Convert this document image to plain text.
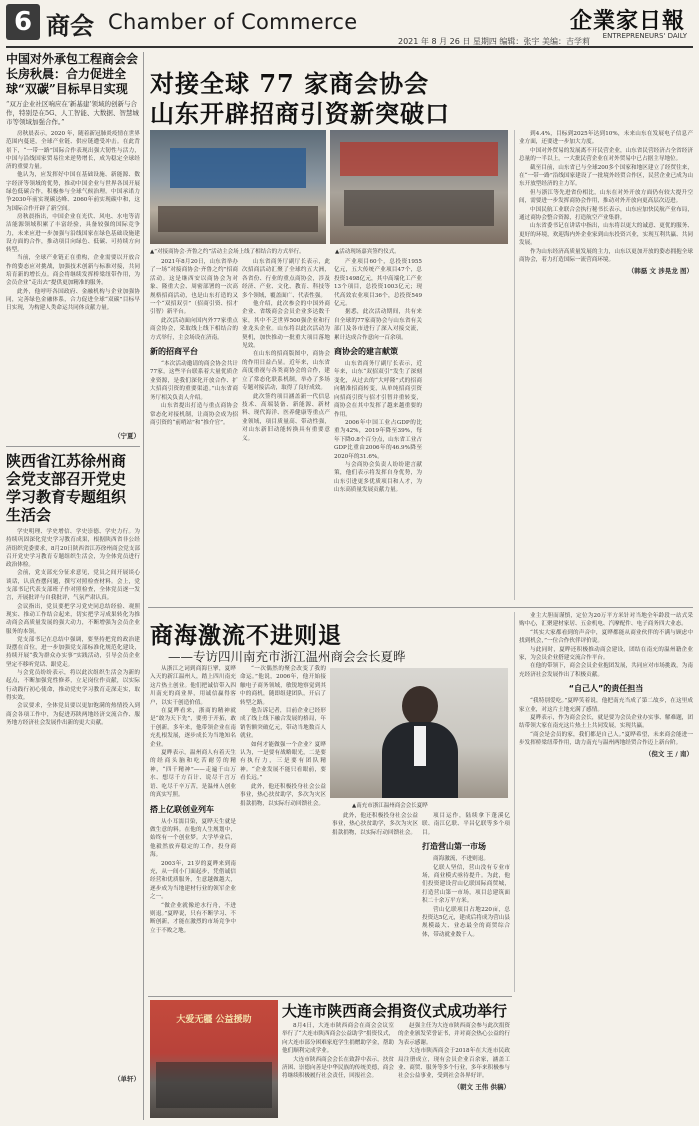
6 商会 Chamber of Commerce	企業家日報
ENTREPRENEURS' DAILY
2021 年 8 月 26 日 星期四 编辑：张宇 美编：吉学莉
中国对外承包工程商会会长房秋晨：合力促进全球“双碳”目标早日实现
“双万企业社区响应在‘新基建’领域的创新与合作，特别是在5G、人工智能、大数据、智慧城市等领域加强合作。”

房秋晨表示，2020 年，随着新冠肺炎疫情在世界范围内蔓延，全球产业链、供应链遭受冲击。在此背景下，“一带一路”国际合作表现出强大韧性与活力，中国与沿线国家贸易往来逆势增长，成为稳定全球经济的重要力量。

他认为，应发挥好中国在基础设施、新能源、数字经济等领域的优势，推动中国企业与世界各国开展绿色低碳合作，积极参与全球气候治理。中国承诺力争2030年前实现碳达峰、2060年前实现碳中和，这为国际合作开辟了新空间。

房秋晨指出，中国企业在光伏、风电、水电等清洁能源领域积累了丰富经验，具备较强的国际竞争力，未来应进一步加强与沿线国家在绿色基础设施建设方面的合作，推动项目向绿色、低碳、可持续方向转型。

当前，全球产业链正在重构，企业需要以开放合作的姿态应对挑战，加强技术创新与标准对接，共同培育新的增长点。商会将继续发挥桥梁纽带作用，为会员企业“走出去”提供更加精准的服务。

此外，他呼吁各国政府、金融机构与企业加强协同，完善绿色金融体系，合力促进全球“双碳”目标早日实现，为构建人类命运共同体贡献力量。

（宁夏）
陕西省江苏徐州商会党支部召开党史学习教育专题组织生活会

学史明理、学史增信、学史崇德、学史力行。为持续巩固深化党史学习教育成果，根据陕西省非公经济组织党委要求，8月20日陕西省江苏徐州商会党支部召开党史学习教育专题组织生活会，为全体党员进行政治体检。

会前，党支部充分征求意见，党员之间开展谈心谈话，认真查摆问题，撰写对照检查材料。会上，党支部书记代表支部班子作对照检查，全体党员逐一发言，开展批评与自我批评，气氛严肃认真。

会议指出，党员要把学习党史同总结经验、观照现实、推动工作结合起来，切实把学习成果转化为推动商会高质量发展的强大动力，不断增强为会员企业服务的本领。

党支部书记在总结中强调，要坚持把党的政治建设摆在首位，进一步加强党支部标准化规范化建设，持续开展“我为群众办实事”实践活动，引导会员企业坚定不移听党话、跟党走。

与会党员纷纷表示，将以此次组织生活会为新的起点，不断加强党性修养，立足岗位作贡献，以实际行动践行初心使命，推动党史学习教育走深走实，取得实效。

会议要求，全体党员要以更加饱满的热情投入到商会各项工作中，为促进苏陕两地经济交流合作、服务地方经济社会发展作出新的更大贡献。

（单轩）
对接全球 77 家商会协会
山东开辟招商引资新突破口
▲“对接商协会·齐鲁之约”活动主会场上线了相结合的方式举行。	▲活动现场嘉宾签约仪式。

2021年8月20日，山东省举办了一场“对接商协会·齐鲁之约”招商活动。这是继西安以商协会为对象、隆重大会、周密部署的一次高规格招商活动，也是山东打造的又一个“双招双引”（招商引资、招才引智）新平台。

此次活动面向国内外77家重点商会协会，采取线上线下相结合的方式举行，主会场设在济南。

新的招商平台

“本次活动邀请的商会协会共计77家，这些平台联系着大量优质企业资源，是我们深化开放合作、扩大招商引资的重要渠道。”山东省商务厅相关负责人介绍。

山东省提出打造与重点商协会常态化对接机制，让商协会成为招商引资的“前哨站”和“推介官”。

山东省商务厅副厅长表示，此次招商活动汇聚了全球约五大洲，各省份、行业的重点商协会，涉及经济、产业、文化、教育、科技等多个领域，覆盖面广、代表性强。

他介绍，此次参会的中国外商企业、省级商会会员企业多达数千家，其中不乏世界500强企业和行业龙头企业。山东将以此次活动为契机，加快推动一批重大项目落地见效。

在山东的招商版图中，商协会的作用日益凸显。近年来，山东省高度重视与各类商协会的合作，建立了常态化联系机制，举办了多场专题对接活动，取得了良好成效。

此次签约项目涵盖新一代信息技术、高端装备、新能源、新材料、现代海洋、医养健康等重点产业领域，项目质量高、带动性强，对山东新旧动能转换具有重要意义。

产业项目60个，总投资1955亿元，五大传统产业项目47个，总投资1498亿元，其中高端化工产业13个项目，总投资1003亿元；现代高效农业项目36个，总投资549亿元。

据悉，此次活动期间，共有来自全球的77家商协会与山东省有关部门及各市进行了深入对接交流，累计达成合作意向一百余项。

商协会的建言献策

山东省商务厅副厅长表示，近年来，山东“双招双引”发生了深刻变化，从过去的“大呼隆”式的招商向精准招商转变，从单纯招商引资向招商引资与招才引智并重转变，商协会在其中发挥了越来越重要的作用。

2006年中国工业占GDP的比重为42%，2019年降至39%，每年下降0.8个百分点，山东省工业占GDP比重由2006年的46.9%降至2020年的31.6%。

与会商协会负责人纷纷建言献策，他们表示将发挥自身优势，为山东引进更多优质项目和人才，为山东高质量发展贡献力量。

到4.4%，目标到2025年达到10%，未来山东在发展电子信息产业方面，还要进一步加大力度。

中国对外贸易的发展离不开民营企业，山东省民营经济占全省经济总量的一半以上，一大批民营企业在对外贸易中已占据主导地位。

截至目前，山东省已与全球200多个国家和地区建立了经贸往来，在“一带一路”沿线国家建设了一批境外经贸合作区，民营企业已成为山东开放型经济的主力军。

但与浙江等先进省份相比，山东在对外开放方面仍有较大提升空间，需要进一步发挥商协会作用，推动对外开放向更高层次迈进。

中国民航工业联合会执行秘书长表示，山东应加快民航产业布局，通过商协会整合资源，打造航空产业集群。

山东省委书记在讲话中指出，山东将以更大的诚意、更优的服务、更好的环境，欢迎海内外企业家到山东投资兴业，实现互利共赢、共同发展。

作为山东经济高质量发展的主力，山东以更加开放的姿态拥抱全球商协会，着力打造国际一流营商环境。

（韩磊 文 涉晃龙 图）
商海激流不进则退
——专访四川南充市浙江温州商会会长夏晔
▲南充市浙江温州商会会长夏晔

从浙江之词到商海巨擘，夏晔入天的新江温州人，踏上四川南充这片热土创业。他们把诚信带入四川南充的商业界，用诚信赢得客户，以实干创造价值。

在夏晔看来，浙商的精神就是“敢为天下先”，要勇于开拓，敢于创新。多年来，他带领企业在南充扎根发展，逐步成长为当地知名企业。

夏晔表示，温州商人有着天生的经商头脑和吃苦耐劳的精神，“四千精神”——走遍千山万水、想尽千方百计、说尽千言万语、吃尽千辛万苦，是温州人创业的真实写照。

搭上亿联创业列车

从小耳濡目染，夏晔天生就是做生意的料。在他的人生规划中，始终有一个创业梦。大学毕业后，他毅然放弃稳定的工作，投身商海。

2003年，21岁的夏晔来到南充，从一间小门面起步，凭借诚信经营和优质服务，生意越做越大，逐步成为当地建材行业的领军企业之一。

“做企业就像逆水行舟，不进则退。”夏晔说，只有不断学习、不断创新，才能在激烈的市场竞争中立于不败之地。

“一次偶然的聚会改变了我的命运。”他说，2006年，他开始接触电子商务领域，敏锐地察觉到其中的商机，随即组建团队，开启了转型之路。

他告诉记者，目前企业已经形成了线上线下融合发展的格局，年销售额突破亿元，带动当地数百人就业。

如何才能做强一个企业？夏晔认为，一是要有战略眼光，二是要有执行力，三是要有团队精神。“企业发展不能只看眼前，要看长远。”

此外，他还积极投身社会公益事业，热心扶贫助学，多次为灾区捐款捐物，以实际行动回馈社会。

项目运作，陆续拿下蓬溪亿联、南江亿联、平昌亿联等多个项目。

打造营山第一市场

商海激流，不进则退。

亿联人坚信，营山没有专业市场，商业模式亟待提升。为此，他们投资建设营山亿联国际商贸城，打造营山第一市场，项目总建筑面积二十余万平方米。

营山亿联项目占地220亩，总投资达5亿元，建成后将成为营山县规模最大、业态最全的商贸综合体，带动就业数千人。

此外，他还积极投身社会公益事业，热心扶贫助学，多次为灾区捐款捐物，以实际行动回馈社会。

业主大胆而谨慎，定位为20万平方米针对当地全年龄段一站式采购中心，汇聚建材家居、五金机电、汽摩配件、电子商务四大业态。

“其实大家都看到的声音中，夏晔都能从商业伙伴的不满与顾虑中找到机会，”一位合作伙伴评价说。

与此同时，夏晔还积极推动商会建设，团结在南充的温州籍企业家，为会员企业搭建交流合作平台。

在他的带领下，商会会员企业抱团发展，共同应对市场挑战，为南充经济社会发展作出了积极贡献。

“自己人”的责任担当

“我特别爱吃。”夏晔笑着说，他把南充当成了第二故乡，在这里成家立业，对这片土地充满了感情。

夏晔表示，作为商会会长，就是要为会员企业办实事、解难题，团结带领大家在南充这片热土上共同发展，实现共赢。

“商会是会员的家，我们都是自己人。”夏晔希望，未来商会能进一步发挥桥梁纽带作用，助力南充与温州两地经贸合作迈上新台阶。

（倪文 王 / 南）
大爱无疆 公益援助	大连市陕西商会捐资仪式成功举行

8月4日，大连市陕西商会在商会会议室举行了“大连市陕西商会公益助学”捐资仪式，向大连市部分困难家庭学生捐赠助学金，帮助他们顺利完成学业。

大连市陕西商会会长在致辞中表示，扶贫济困、崇德向善是中华民族的传统美德，商会将继续积极履行社会责任，回报社会。

赵强主任为大连市陕西商会参与此次捐资的企业颁发荣誉证书，并对商会热心公益的行为表示感谢。

大连市陕西商会于2018年在大连市民政局注册成立，现有会员企业百余家，涵盖工业、商贸、服务等多个行业，多年来积极参与社会公益事业，受到社会各界好评。

（朝文 王伟 供稿）
